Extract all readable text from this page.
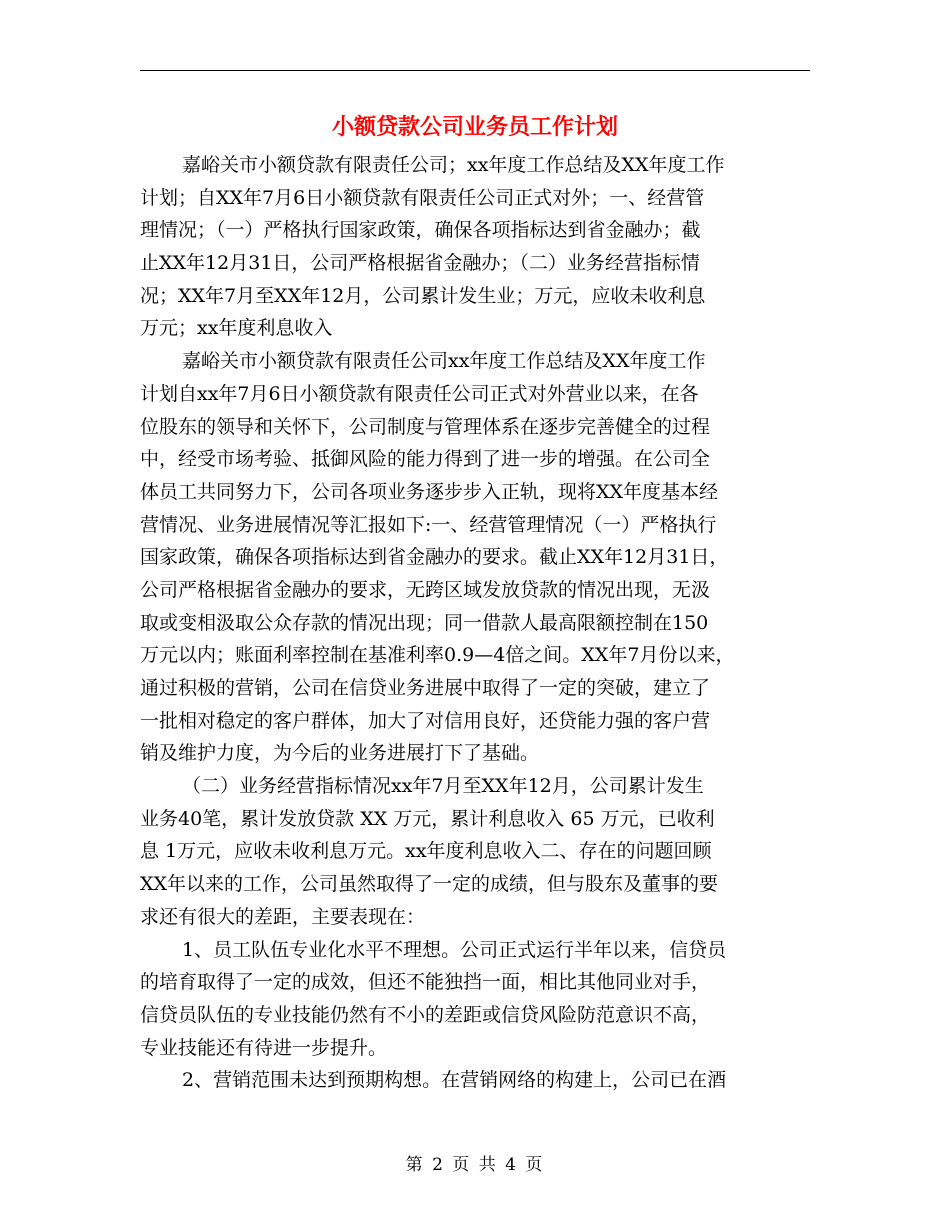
小额贷款公司业务员工作计划
嘉峪关市小额贷款有限责任公司；xx年度工作总结及XX年度工作
计划；自XX年7月6日小额贷款有限责任公司正式对外；一、经营管
理情况；（一）严格执行国家政策，确保各项指标达到省金融办；截
止XX年12月31日，公司严格根据省金融办；（二）业务经营指标情
况；XX年7月至XX年12月，公司累计发生业；万元，应收未收利息
万元；xx年度利息收入
嘉峪关市小额贷款有限责任公司xx年度工作总结及XX年度工作
计划自xx年7月6日小额贷款有限责任公司正式对外营业以来，在各
位股东的领导和关怀下，公司制度与管理体系在逐步完善健全的过程
中，经受市场考验、抵御风险的能力得到了进一步的增强。在公司全
体员工共同努力下，公司各项业务逐步步入正轨，现将XX年度基本经
营情况、业务进展情况等汇报如下:一、经营管理情况（一）严格执行
国家政策，确保各项指标达到省金融办的要求。截止XX年12月31日，
公司严格根据省金融办的要求，无跨区域发放贷款的情况出现，无汲
取或变相汲取公众存款的情况出现；同一借款人最高限额控制在150
万元以内；账面利率控制在基准利率0.9—4倍之间。XX年7月份以来，
通过积极的营销，公司在信贷业务进展中取得了一定的突破，建立了
一批相对稳定的客户群体，加大了对信用良好，还贷能力强的客户营
销及维护力度，为今后的业务进展打下了基础。
（二）业务经营指标情况xx年7月至XX年12月，公司累计发生
业务40笔，累计发放贷款 XX 万元，累计利息收入 65 万元，已收利
息 1万元，应收未收利息万元。xx年度利息收入二、存在的问题回顾
XX年以来的工作，公司虽然取得了一定的成绩，但与股东及董事的要
求还有很大的差距，主要表现在：
1、员工队伍专业化水平不理想。公司正式运行半年以来，信贷员
的培育取得了一定的成效，但还不能独挡一面，相比其他同业对手，
信贷员队伍的专业技能仍然有不小的差距或信贷风险防范意识不高，
专业技能还有待进一步提升。
2、营销范围未达到预期构想。在营销网络的构建上，公司已在酒
第 2 页 共 4 页
